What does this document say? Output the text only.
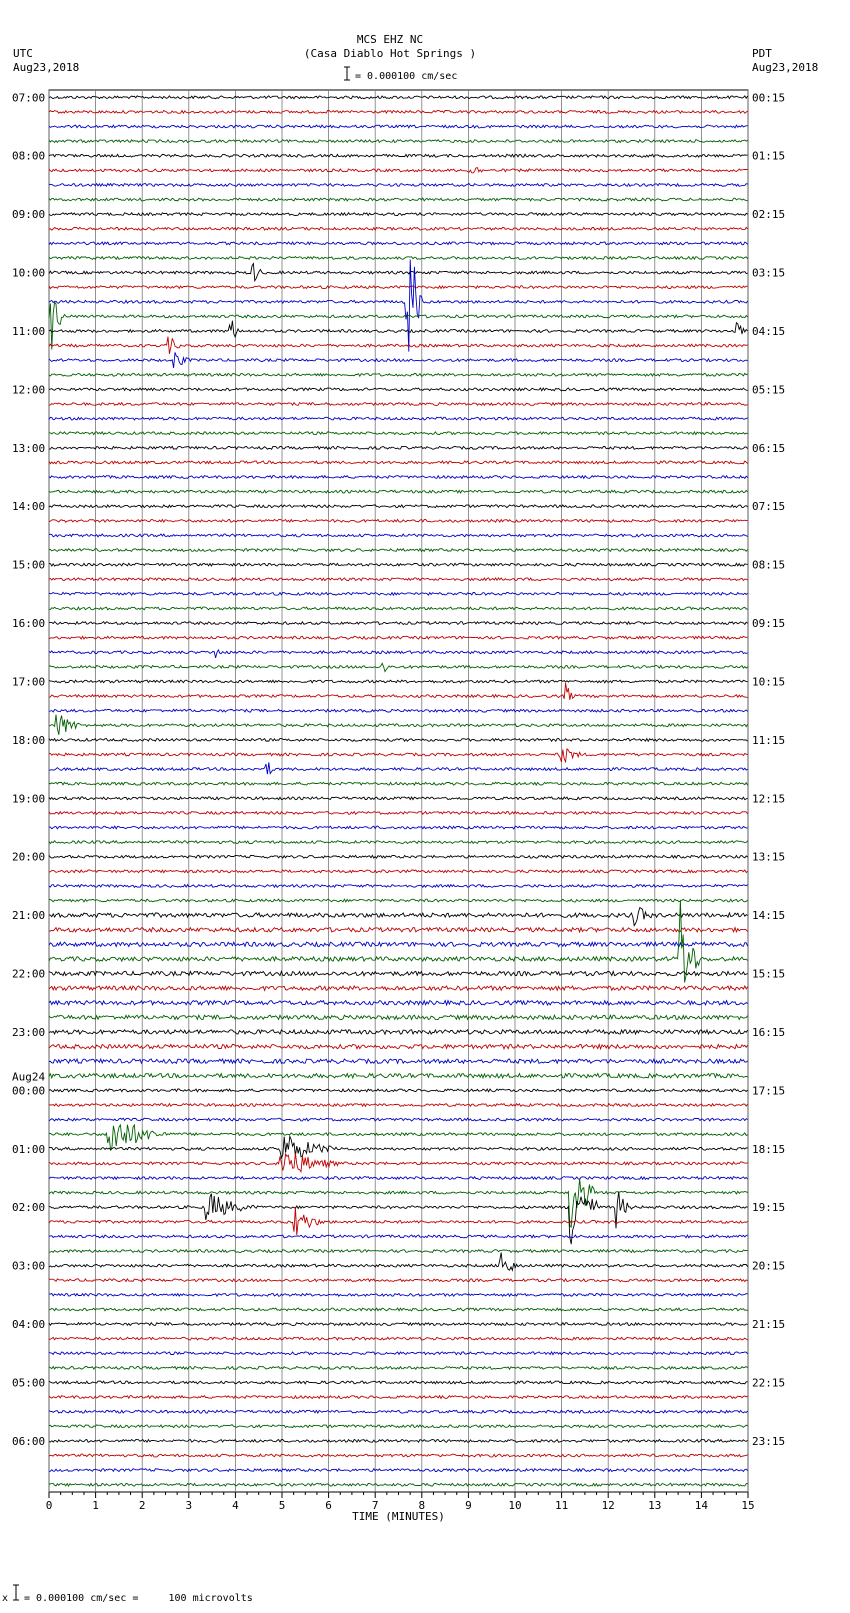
MCS EHZ NC
(Casa Diablo Hot Springs )

= 0.000100 cm/sec
UTC
Aug23,2018
PDT
Aug23,2018
07:00
08:00
09:00
10:00
11:00
12:00
13:00
14:00
15:00
16:00
17:00
18:00
19:00
20:00
21:00
22:00
23:00
00:00
Aug24
01:00
02:00
03:00
04:00
05:00
06:00
00:15
01:15
02:15
03:15
04:15
05:15
06:15
07:15
08:15
09:15
10:15
11:15
12:15
13:15
14:15
15:15
16:15
17:15
18:15
19:15
20:15
21:15
22:15
23:15
0	1	2	3	4	5	6	7	8	9	10	11	12	13	14	15
TIME (MINUTES)
x

= 0.000100 cm/sec =     100 microvolts
